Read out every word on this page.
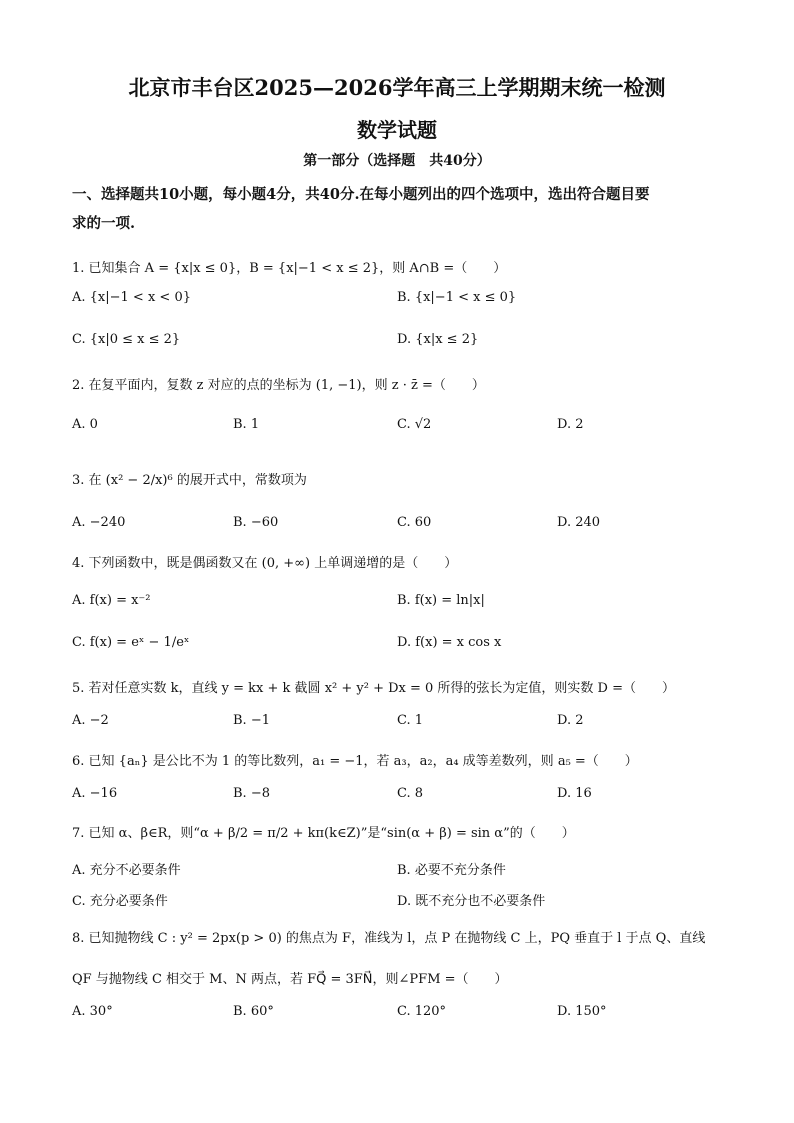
北京市丰台区2025—2026学年高三上学期期末统一检测
数学试题
第一部分（选择题　共40分）
一、选择题共10小题，每小题4分，共40分.在每小题列出的四个选项中，选出符合题目要
求的一项.
1. 已知集合 A = {x|x ≤ 0}，B = {x|−1 < x ≤ 2}，则 A∩B =（　　）
A. {x|−1 < x < 0}	B. {x|−1 < x ≤ 0}
C. {x|0 ≤ x ≤ 2}	D. {x|x ≤ 2}
2. 在复平面内，复数 z 对应的点的坐标为 (1, −1)，则 z · z̄ =（　　）
A. 0	B. 1	C. √2	D. 2
3. 在 (x² − 2/x)⁶ 的展开式中，常数项为
A. −240	B. −60	C. 60	D. 240
4. 下列函数中，既是偶函数又在 (0, +∞) 上单调递增的是（　　）
A. f(x) = x⁻²	B. f(x) = ln|x|
C. f(x) = eˣ − 1/eˣ	D. f(x) = x cos x
5. 若对任意实数 k，直线 y = kx + k 截圆 x² + y² + Dx = 0 所得的弦长为定值，则实数 D =（　　）
A. −2	B. −1	C. 1	D. 2
6. 已知 {aₙ} 是公比不为 1 的等比数列，a₁ = −1，若 a₃，a₂，a₄ 成等差数列，则 a₅ =（　　）
A. −16	B. −8	C. 8	D. 16
7. 已知 α、β∈R，则“α + β/2 = π/2 + kπ(k∈Z)”是“sin(α + β) = sin α”的（　　）
A. 充分不必要条件	B. 必要不充分条件
C. 充分必要条件	D. 既不充分也不必要条件
8. 已知抛物线 C : y² = 2px(p > 0) 的焦点为 F，准线为 l，点 P 在抛物线 C 上，PQ 垂直于 l 于点 Q、直线
QF 与抛物线 C 相交于 M、N 两点，若 FQ⃗ = 3FN⃗，则∠PFM =（　　）
A. 30°	B. 60°	C. 120°	D. 150°
